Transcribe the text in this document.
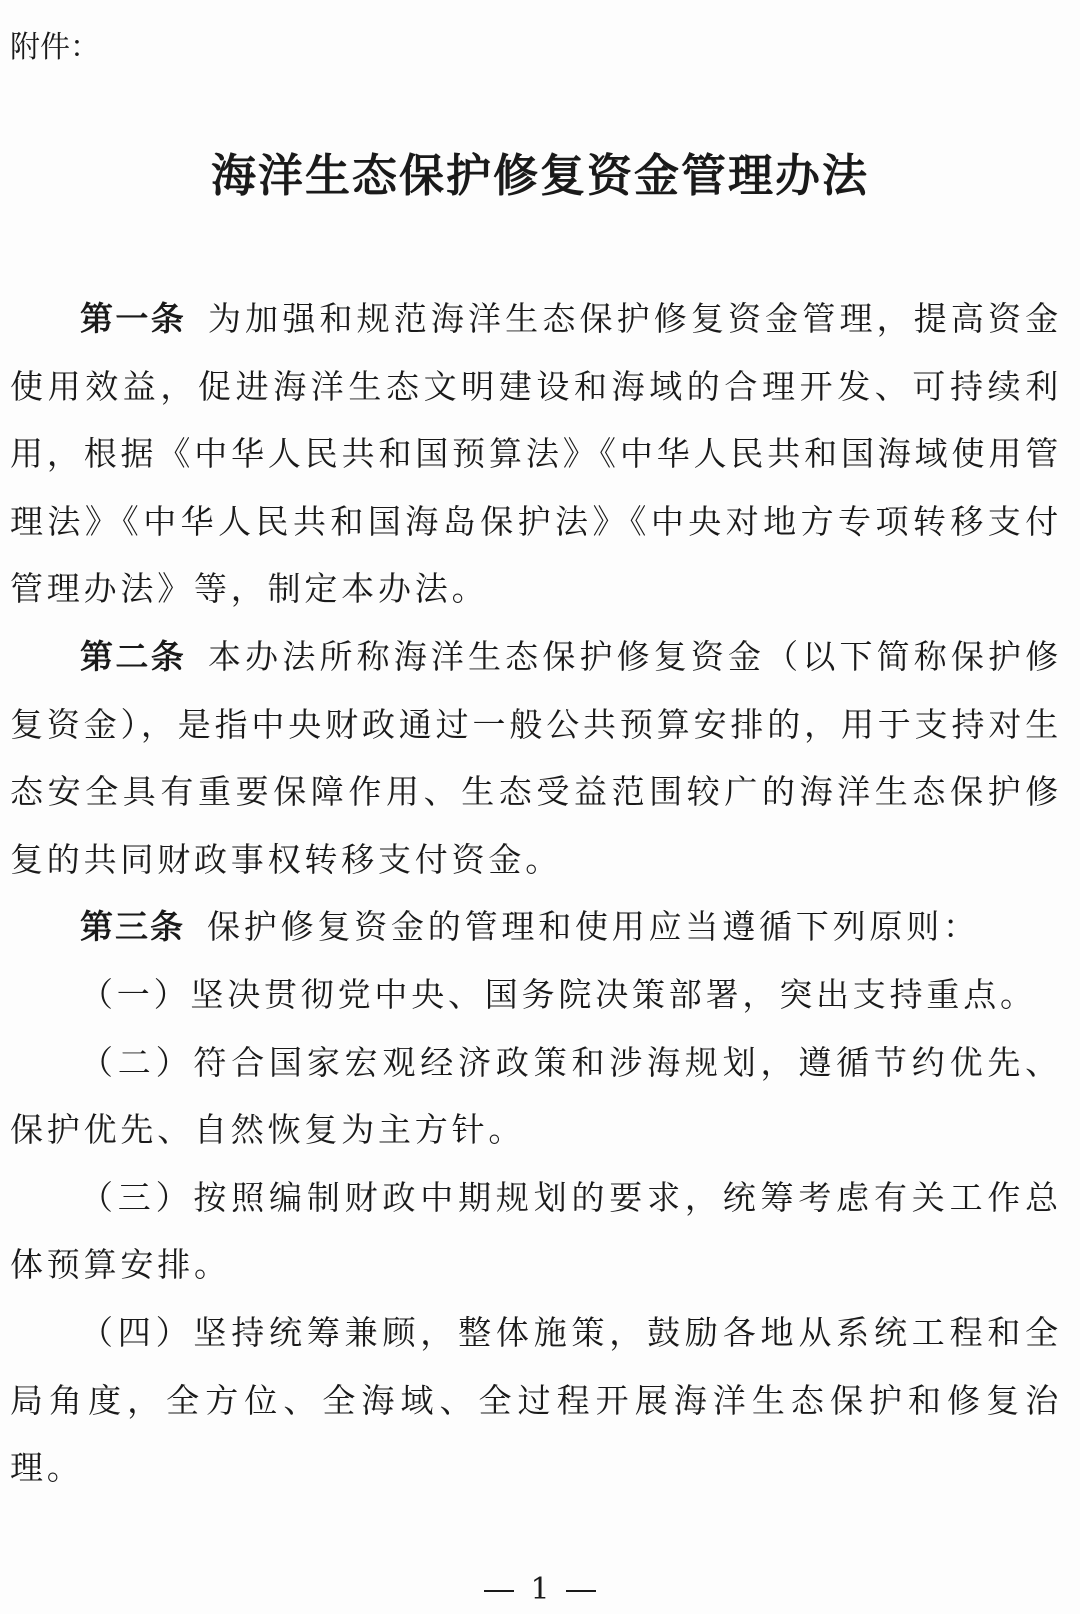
附件：
海洋生态保护修复资金管理办法

第一条 为加强和规范海洋生态保护修复资金管理，提高资金使用效益，促进海洋生态文明建设和海域的合理开发、可持续利用，根据《中华人民共和国预算法》《中华人民共和国海域使用管理法》《中华人民共和国海岛保护法》《中央对地方专项转移支付管理办法》等，制定本办法。

第二条 本办法所称海洋生态保护修复资金（以下简称保护修复资金），是指中央财政通过一般公共预算安排的，用于支持对生态安全具有重要保障作用、生态受益范围较广的海洋生态保护修复的共同财政事权转移支付资金。

第三条 保护修复资金的管理和使用应当遵循下列原则：

（一）坚决贯彻党中央、国务院决策部署，突出支持重点。

（二）符合国家宏观经济政策和涉海规划，遵循节约优先、保护优先、自然恢复为主方针。

（三）按照编制财政中期规划的要求，统筹考虑有关工作总体预算安排。

（四）坚持统筹兼顾，整体施策，鼓励各地从系统工程和全局角度，全方位、全海域、全过程开展海洋生态保护和修复治理。

1
